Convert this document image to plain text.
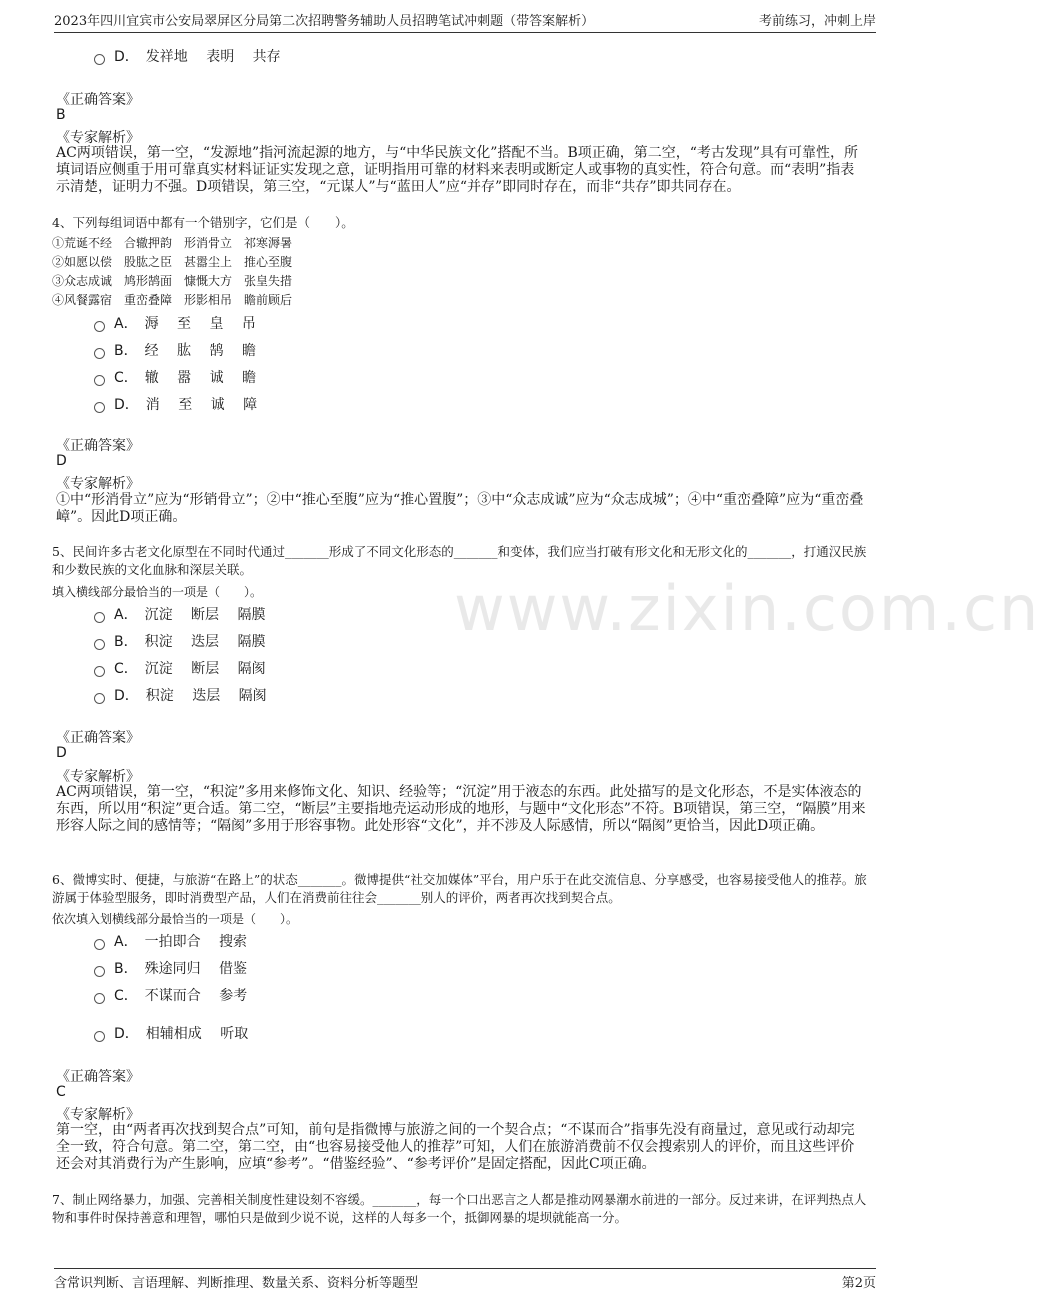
www.zixin.com.cn
2023年四川宜宾市公安局翠屏区分局第二次招聘警务辅助人员招聘笔试冲刺题（带答案解析）	考前练习，冲刺上岸
D．　发祥地　 表明　 共存
《正确答案》
B
《专家解析》
AC两项错误，第一空，“发源地”指河流起源的地方，与“中华民族文化”搭配不当。B项正确，第二空，“考古发现”具有可靠性，所填词语应侧重于用可靠真实材料证证实发现之意，证明指用可靠的材料来表明或断定人或事物的真实性，符合句意。而“表明”指表示清楚，证明力不强。D项错误，第三空，“元谋人”与“蓝田人”应“并存”即同时存在，而非“共存”即共同存在。
4、下列每组词语中都有一个错别字，它们是（　　）。
①荒诞不经　合辙押韵　形消骨立　祁寒溽暑
②如愿以偿　股肱之臣　甚嚣尘上　推心至腹
③众志成诚　鸠形鹄面　慷慨大方　张皇失措
④风餐露宿　重峦叠障　形影相吊　瞻前顾后
A．　溽　 至　 皇　 吊
B．　经　 肱　 鹄　 瞻
C．　辙　 嚣　 诚　 瞻
D．　消　 至　 诚　 障
《正确答案》
D
《专家解析》
①中“形消骨立”应为“形销骨立”；②中“推心至腹”应为“推心置腹”；③中“众志成诚”应为“众志成城”；④中“重峦叠障”应为“重峦叠嶂”。因此D项正确。
5、民间许多古老文化原型在不同时代通过_______形成了不同文化形态的_______和变体，我们应当打破有形文化和无形文化的_______，打通汉民族和少数民族的文化血脉和深层关联。
填入横线部分最恰当的一项是（　　）。
A．　沉淀　 断层　 隔膜
B．　积淀　 迭层　 隔膜
C．　沉淀　 断层　 隔阂
D．　积淀　 迭层　 隔阂
《正确答案》
D
《专家解析》
AC两项错误，第一空，“积淀”多用来修饰文化、知识、经验等；“沉淀”用于液态的东西。此处描写的是文化形态，不是实体液态的东西，所以用“积淀”更合适。第二空，“断层”主要指地壳运动形成的地形，与题中“文化形态”不符。B项错误，第三空，“隔膜”用来形容人际之间的感情等；“隔阂”多用于形容事物。此处形容“文化”，并不涉及人际感情，所以“隔阂”更恰当，因此D项正确。
6、微博实时、便捷，与旅游“在路上”的状态_______。微博提供“社交加媒体”平台，用户乐于在此交流信息、分享感受，也容易接受他人的推荐。旅游属于体验型服务，即时消费型产品，人们在消费前往往会_______别人的评价，两者再次找到契合点。
依次填入划横线部分最恰当的一项是（　　）。
A．　一拍即合　 搜索
B．　殊途同归　 借鉴
C．　不谋而合　 参考
D．　相辅相成　 听取
《正确答案》
C
《专家解析》
第一空，由“两者再次找到契合点”可知，前句是指微博与旅游之间的一个契合点；“不谋而合”指事先没有商量过，意见或行动却完全一致，符合句意。第二空，第二空，由“也容易接受他人的推荐”可知，人们在旅游消费前不仅会搜索别人的评价，而且这些评价还会对其消费行为产生影响，应填“参考”。“借鉴经验”、“参考评价”是固定搭配，因此C项正确。
7、制止网络暴力，加强、完善相关制度性建设刻不容缓。_______，每一个口出恶言之人都是推动网暴潮水前进的一部分。反过来讲，在评判热点人物和事件时保持善意和理智，哪怕只是做到少说不说，这样的人每多一个，抵御网暴的堤坝就能高一分。
含常识判断、言语理解、判断推理、数量关系、资料分析等题型	第2页
